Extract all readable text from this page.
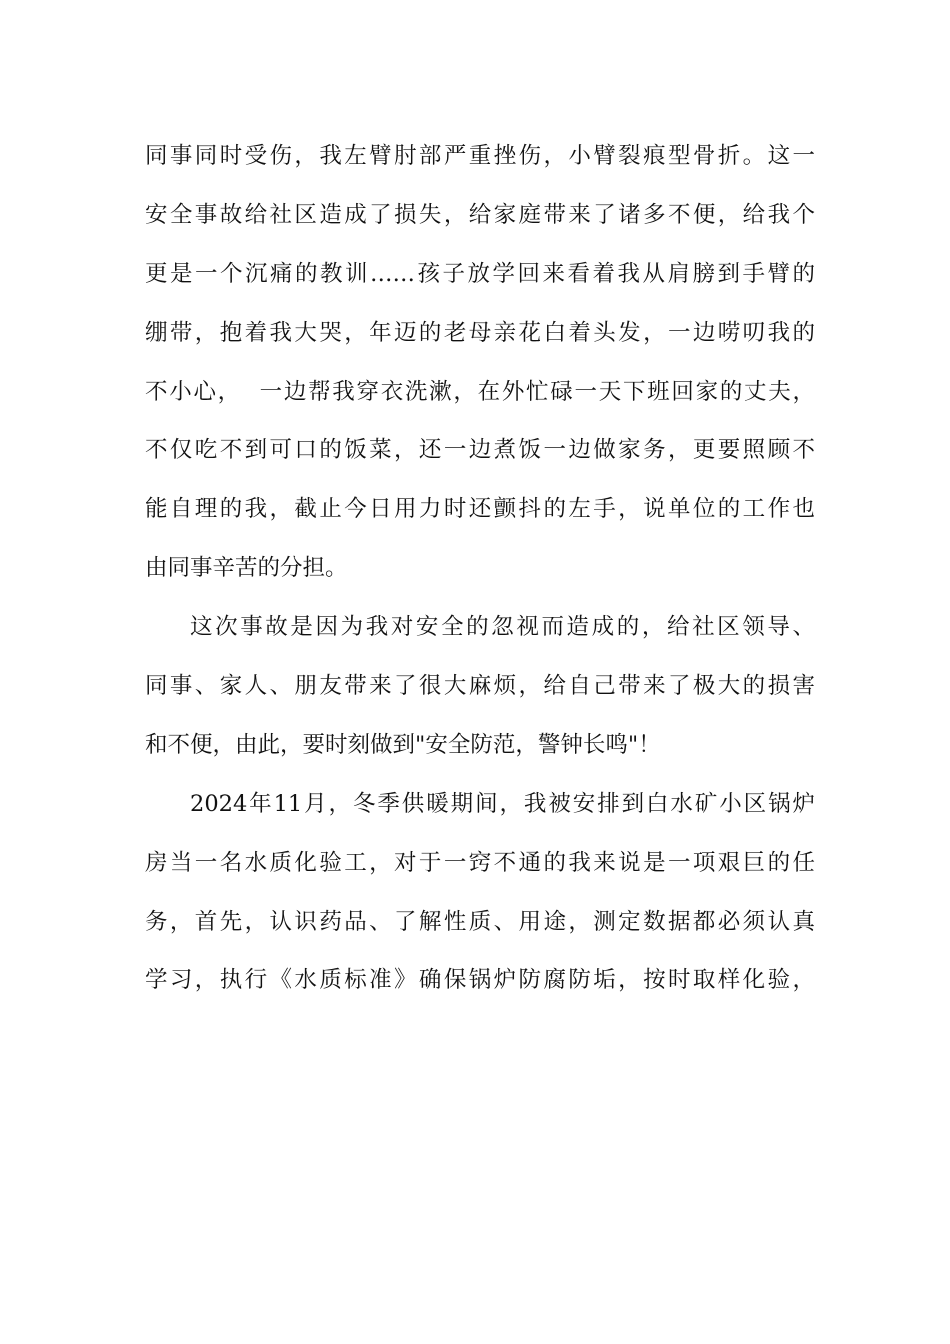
同事同时受伤，我左臂肘部严重挫伤，小臂裂痕型骨折。这一
安全事故给社区造成了损失，给家庭带来了诸多不便，给我个
更是一个沉痛的教训……孩子放学回来看着我从肩膀到手臂的
绷带，抱着我大哭，年迈的老母亲花白着头发，一边唠叨我的
不小心，  一边帮我穿衣洗漱，在外忙碌一天下班回家的丈夫，
不仅吃不到可口的饭菜，还一边煮饭一边做家务，更要照顾不
能自理的我，截止今日用力时还颤抖的左手，说单位的工作也
由同事辛苦的分担。
这次事故是因为我对安全的忽视而造成的，给社区领导、
同事、家人、朋友带来了很大麻烦，给自己带来了极大的损害
和不便，由此，要时刻做到"安全防范，警钟长鸣"！
2024年11月，冬季供暖期间，我被安排到白水矿小区锅炉
房当一名水质化验工，对于一窍不通的我来说是一项艰巨的任
务，首先，认识药品、了解性质、用途，测定数据都必须认真
学习，执行《水质标准》确保锅炉防腐防垢，按时取样化验，
